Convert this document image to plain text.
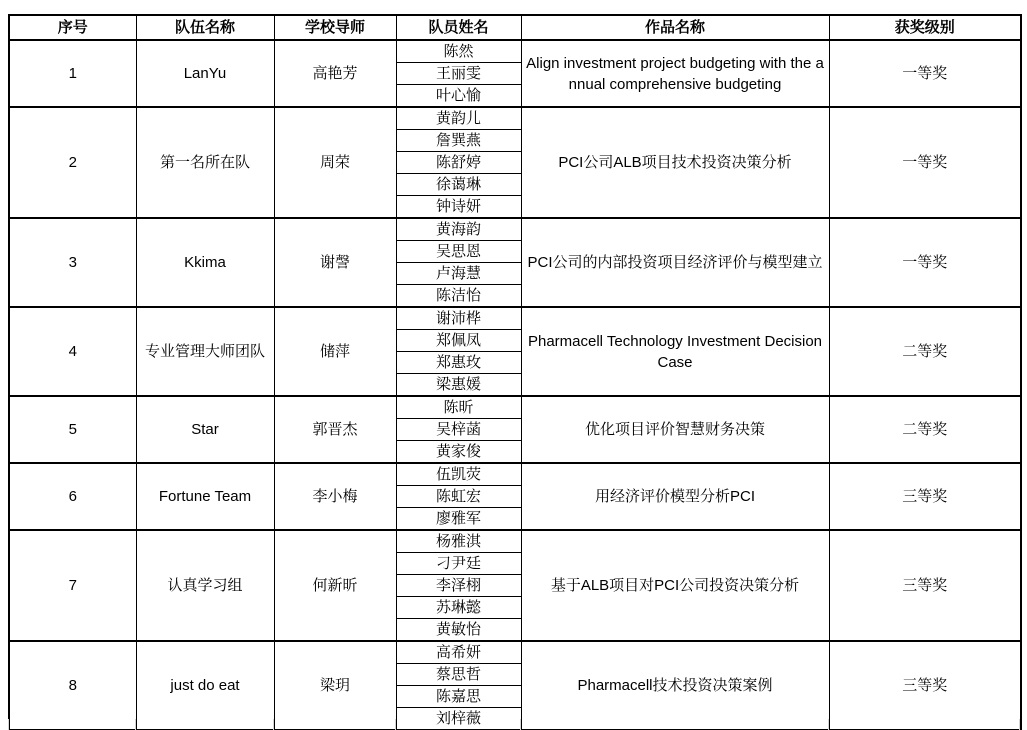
序号	队伍名称	学校导师	队员姓名	作品名称	获奖级别
1	LanYu	高艳芳	陈然	Align investment project budgeting with the annual comprehensive budgeting	一等奖
			王丽雯		
			叶心愉		
2	第一名所在队	周荣	黄韵儿	PCI公司ALB项目技术投资决策分析	一等奖
			詹巽燕		
			陈舒婷		
			徐蔼琳		
			钟诗妍		
3	Kkima	谢謦	黄海韵	PCI公司的内部投资项目经济评价与模型建立	一等奖
			吴思恩		
			卢海慧		
			陈洁怡		
4	专业管理大师团队	储萍	谢沛桦	Pharmacell Technology Investment Decision Case	二等奖
			郑佩凤		
			郑惠玫		
			梁惠媛		
5	Star	郭晋杰	陈昕	优化项目评价智慧财务决策	二等奖
			吴梓菡		
			黄家俊		
6	Fortune Team	李小梅	伍凯荧	用经济评价模型分析PCI	三等奖
			陈虹宏		
			廖雅军		
7	认真学习组	何新昕	杨雅淇	基于ALB项目对PCI公司投资决策分析	三等奖
			刁尹廷		
			李泽栩		
			苏琳懿		
			黄敏怡		
8	just do eat	梁玥	高希妍	Pharmacell技术投资决策案例	三等奖
			蔡思哲		
			陈嘉思		
			刘梓薇		
